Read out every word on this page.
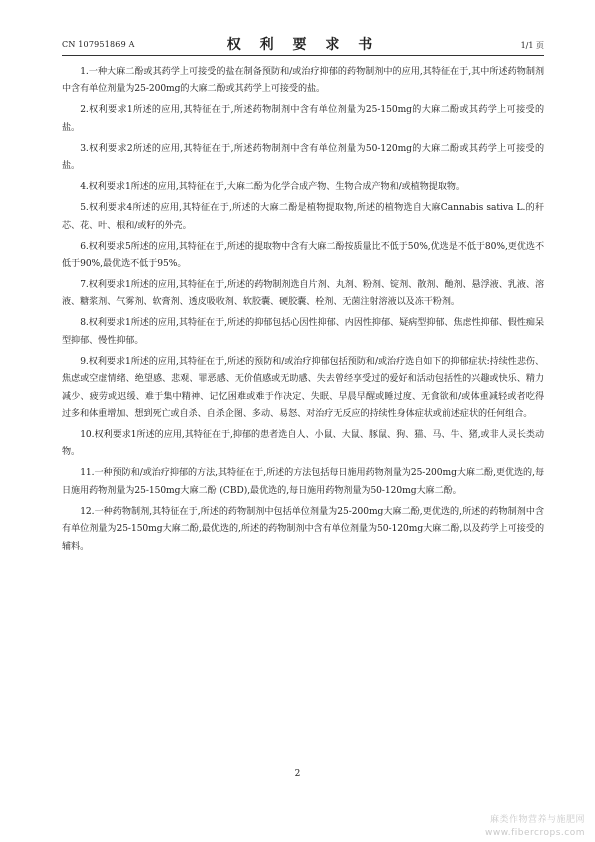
CN 107951869 A	权 利 要 求 书	1/1 页

1.一种大麻二酚或其药学上可接受的盐在制备预防和/或治疗抑郁的药物制剂中的应用,其特征在于,其中所述药物制剂中含有单位剂量为25-200mg的大麻二酚或其药学上可接受的盐。

2.权利要求1所述的应用,其特征在于,所述药物制剂中含有单位剂量为25-150mg的大麻二酚或其药学上可接受的盐。

3.权利要求2所述的应用,其特征在于,所述药物制剂中含有单位剂量为50-120mg的大麻二酚或其药学上可接受的盐。

4.权利要求1所述的应用,其特征在于,大麻二酚为化学合成产物、生物合成产物和/或植物提取物。

5.权利要求4所述的应用,其特征在于,所述的大麻二酚是植物提取物,所述的植物选自大麻Cannabis sativa L.的秆芯、花、叶、根和/或籽的外壳。

6.权利要求5所述的应用,其特征在于,所述的提取物中含有大麻二酚按质量比不低于50%,优选是不低于80%,更优选不低于90%,最优选不低于95%。

7.权利要求1所述的应用,其特征在于,所述的药物制剂选自片剂、丸剂、粉剂、锭剂、散剂、酏剂、悬浮液、乳液、溶液、糖浆剂、气雾剂、软膏剂、透皮吸收剂、软胶囊、硬胶囊、栓剂、无菌注射溶液以及冻干粉剂。

8.权利要求1所述的应用,其特征在于,所述的抑郁包括心因性抑郁、内因性抑郁、疑病型抑郁、焦虑性抑郁、假性痴呆型抑郁、慢性抑郁。

9.权利要求1所述的应用,其特征在于,所述的预防和/或治疗抑郁包括预防和/或治疗选自如下的抑郁症状:持续性悲伤、焦虑或空虚情绪、绝望感、悲观、罪恶感、无价值感或无助感、失去曾经享受过的爱好和活动包括性的兴趣或快乐、精力减少、疲劳或迟缓、难于集中精神、记忆困难或难于作决定、失眠、早晨早醒或睡过度、无食欲和/或体重减轻或者吃得过多和体重增加、想到死亡或自杀、自杀企图、多动、易怒、对治疗无反应的持续性身体症状或前述症状的任何组合。

10.权利要求1所述的应用,其特征在于,抑郁的患者选自人、小鼠、大鼠、豚鼠、狗、猫、马、牛、猪,或非人灵长类动物。

11.一种预防和/或治疗抑郁的方法,其特征在于,所述的方法包括每日施用药物剂量为25-200mg大麻二酚,更优选的,每日施用药物剂量为25-150mg大麻二酚 (CBD),最优选的,每日施用药物剂量为50-120mg大麻二酚。

12.一种药物制剂,其特征在于,所述的药物制剂中包括单位剂量为25-200mg大麻二酚,更优选的,所述的药物制剂中含有单位剂量为25-150mg大麻二酚,最优选的,所述的药物制剂中含有单位剂量为50-120mg大麻二酚,以及药学上可接受的辅料。

2
麻类作物营养与施肥网
www.fibercrops.com
